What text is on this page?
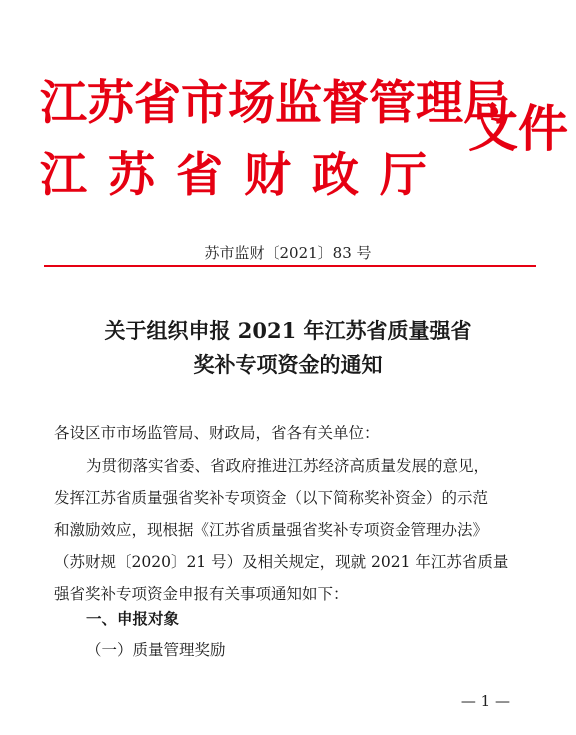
江苏省市场监督管理局
江苏省财政厅
文件
苏市监财〔2021〕83 号
关于组织申报 2021 年江苏省质量强省
奖补专项资金的通知
各设区市市场监管局、财政局，省各有关单位：
为贯彻落实省委、省政府推进江苏经济高质量发展的意见，
发挥江苏省质量强省奖补专项资金（以下简称奖补资金）的示范
和激励效应，现根据《江苏省质量强省奖补专项资金管理办法》
（苏财规〔2020〕21 号）及相关规定，现就 2021 年江苏省质量
强省奖补专项资金申报有关事项通知如下：
一、申报对象
（一）质量管理奖励
— 1 —
